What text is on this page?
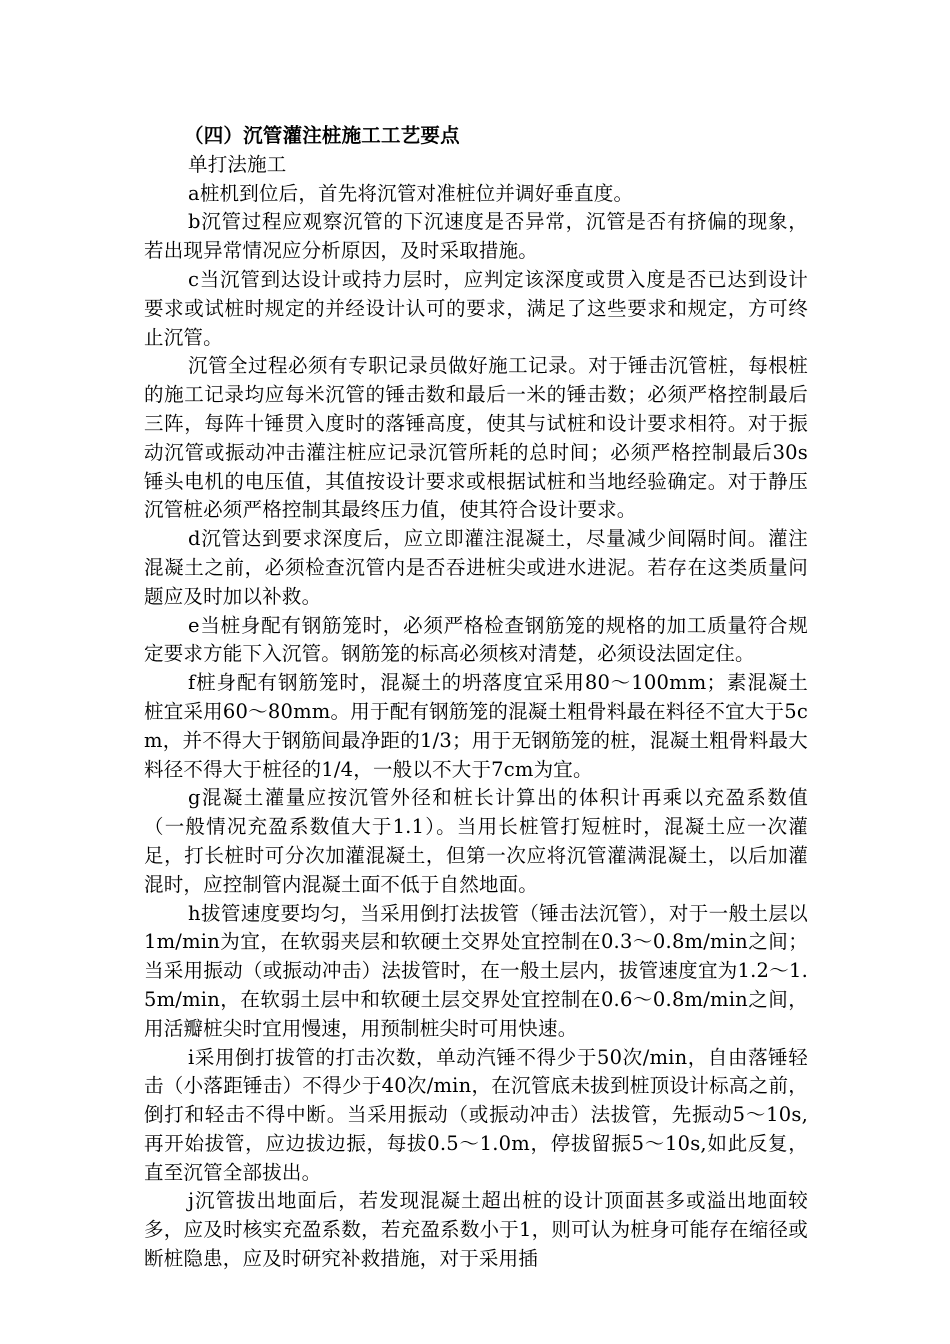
（四）沉管灌注桩施工工艺要点

单打法施工

a桩机到位后，首先将沉管对准桩位并调好垂直度。

b沉管过程应观察沉管的下沉速度是否异常，沉管是否有挤偏的现象，若出现异常情况应分析原因，及时采取措施。

c当沉管到达设计或持力层时，应判定该深度或贯入度是否已达到设计要求或试桩时规定的并经设计认可的要求，满足了这些要求和规定，方可终止沉管。

沉管全过程必须有专职记录员做好施工记录。对于锤击沉管桩，每根桩的施工记录均应每米沉管的锤击数和最后一米的锤击数；必须严格控制最后三阵，每阵十锤贯入度时的落锤高度，使其与试桩和设计要求相符。对于振动沉管或振动冲击灌注桩应记录沉管所耗的总时间；必须严格控制最后30s锤头电机的电压值，其值按设计要求或根据试桩和当地经验确定。对于静压沉管桩必须严格控制其最终压力值，使其符合设计要求。

d沉管达到要求深度后，应立即灌注混凝土，尽量减少间隔时间。灌注混凝土之前，必须检查沉管内是否吞进桩尖或进水进泥。若存在这类质量问题应及时加以补救。

e当桩身配有钢筋笼时，必须严格检查钢筋笼的规格的加工质量符合规定要求方能下入沉管。钢筋笼的标高必须核对清楚，必须设法固定住。

f桩身配有钢筋笼时，混凝土的坍落度宜采用80～100mm；素混凝土桩宜采用60～80mm。用于配有钢筋笼的混凝土粗骨料最在料径不宜大于5cm，并不得大于钢筋间最净距的1/3；用于无钢筋笼的桩，混凝土粗骨料最大料径不得大于桩径的1/4，一般以不大于7cm为宜。

g混凝土灌量应按沉管外径和桩长计算出的体积计再乘以充盈系数值（一般情况充盈系数值大于1.1）。当用长桩管打短桩时，混凝土应一次灌足，打长桩时可分次加灌混凝土，但第一次应将沉管灌满混凝土，以后加灌混时，应控制管内混凝土面不低于自然地面。

h拔管速度要均匀，当采用倒打法拔管（锤击法沉管），对于一般土层以1m/min为宜，在软弱夹层和软硬土交界处宜控制在0.3～0.8m/min之间；当采用振动（或振动冲击）法拔管时，在一般土层内，拔管速度宜为1.2～1.5m/min，在软弱土层中和软硬土层交界处宜控制在0.6～0.8m/min之间，用活瓣桩尖时宜用慢速，用预制桩尖时可用快速。

i采用倒打拔管的打击次数，单动汽锤不得少于50次/min，自由落锤轻击（小落距锤击）不得少于40次/min，在沉管底未拔到桩顶设计标高之前，倒打和轻击不得中断。当采用振动（或振动冲击）法拔管，先振动5～10s,再开始拔管，应边拔边振，每拔0.5～1.0m，停拔留振5～10s,如此反复，直至沉管全部拔出。

j沉管拔出地面后，若发现混凝土超出桩的设计顶面甚多或溢出地面较多，应及时核实充盈系数，若充盈系数小于1，则可认为桩身可能存在缩径或断桩隐患，应及时研究补救措施，对于采用插
